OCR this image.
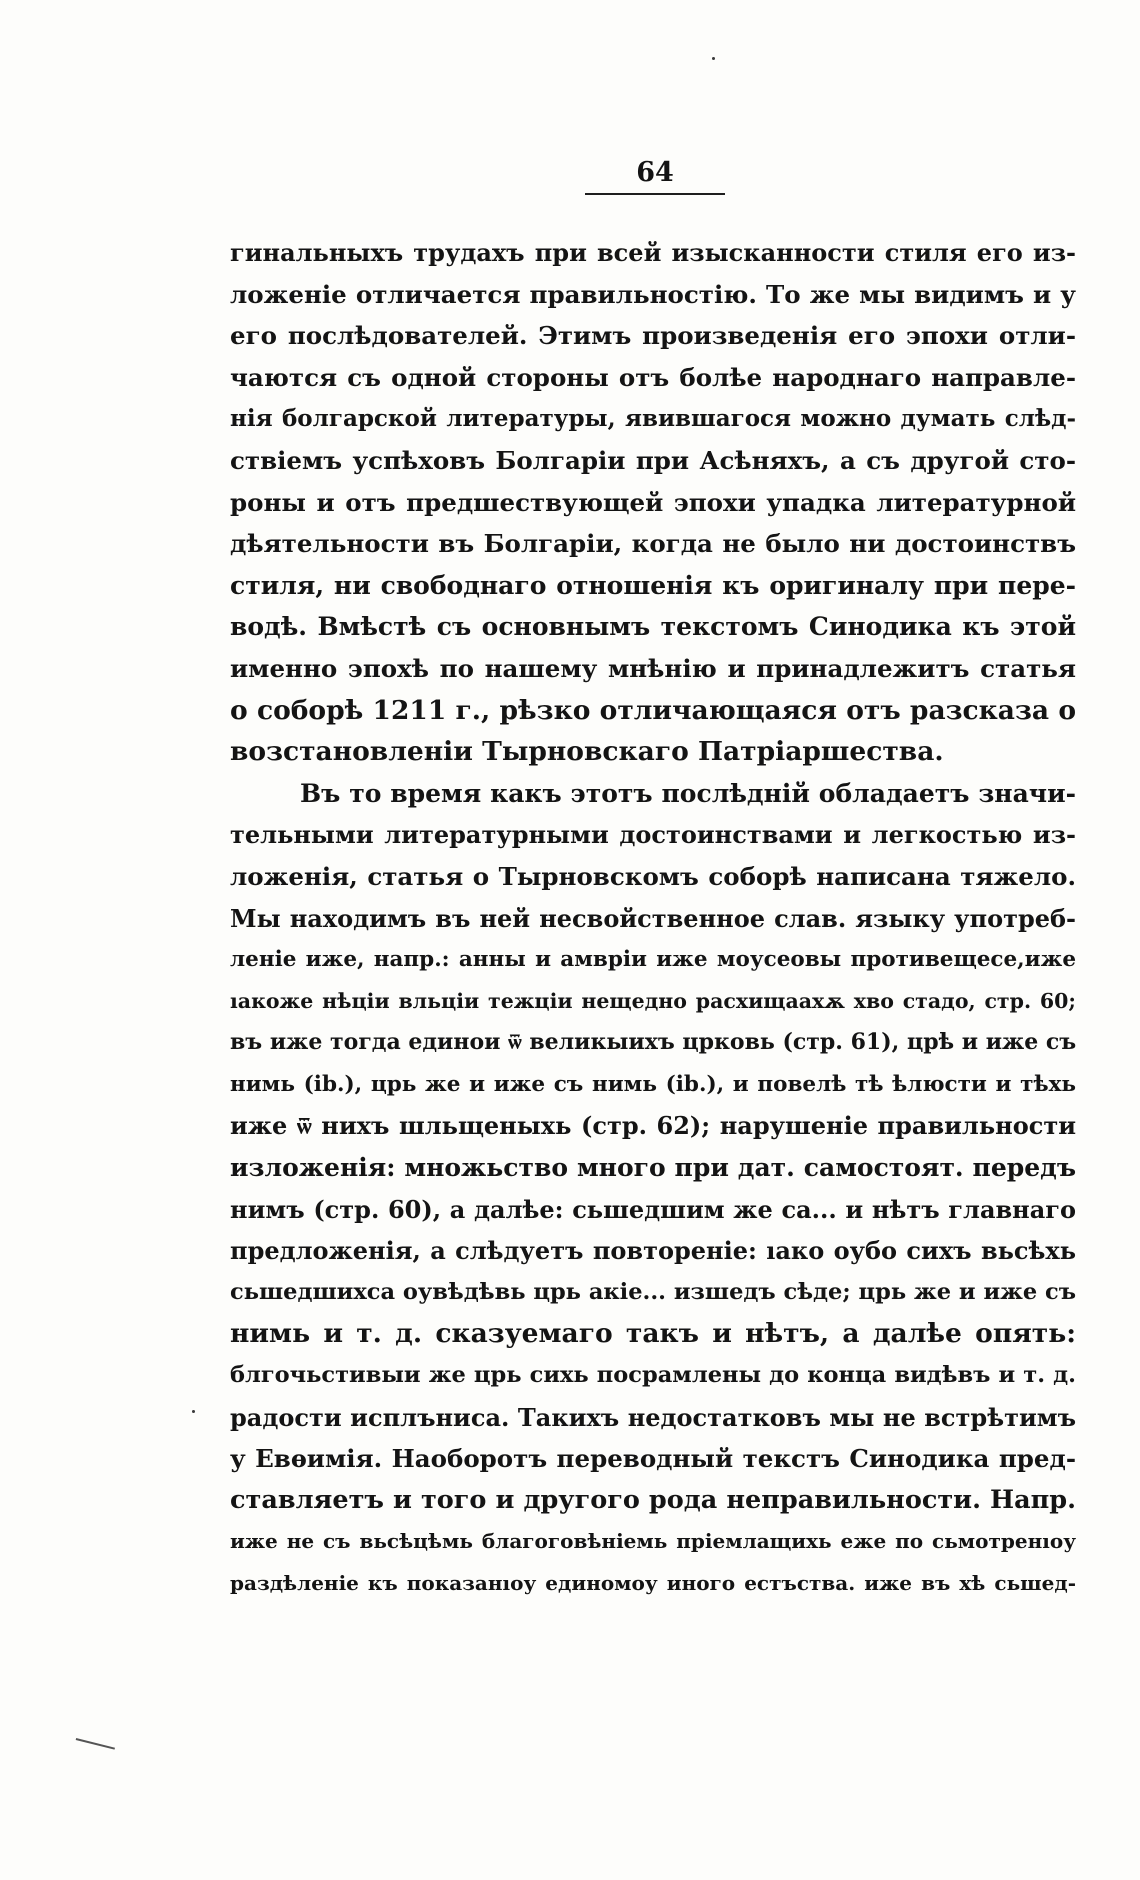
64
гинальныхъ трудахъ при всей изысканности стиля его из-
ложеніе отличается правильностію. То же мы видимъ и у
его послѣдователей. Этимъ произведенія его эпохи отли-
чаются съ одной стороны отъ болѣе народнаго направле-
нія болгарской литературы, явившагося можно думать слѣд-
ствіемъ успѣховъ Болгаріи при Асѣняхъ, а съ другой сто-
роны и отъ предшествующей эпохи упадка литературной
дѣятельности въ Болгаріи, когда не было ни достоинствъ
стиля, ни свободнаго отношенія къ оригиналу при пере-
водѣ. Вмѣстѣ съ основнымъ текстомъ Синодика къ этой
именно эпохѣ по нашему мнѣнію и принадлежитъ статья
о соборѣ 1211 г., рѣзко отличающаяся отъ разсказа о
возстановленіи Тырновскаго Патріаршества.
Въ то время какъ этотъ послѣдній обладаетъ значи-
тельными литературными достоинствами и легкостью из-
ложенія, статья о Тырновскомъ соборѣ написана тяжело.
Мы находимъ въ ней несвойственное слав. языку употреб-
леніе иже, напр.: анны и амвріи иже моусеовы противещесе,иже
ıакоже нѣціи вльціи тежціи нещедно расхищаахѫ хво стадо, стр. 60;
въ иже тогда единои ѿ великыихъ црковь (стр. 61), црѣ и иже съ
нимь (ib.), црь же и иже съ нимь (ib.), и повелѣ тѣ ѣлюсти и тѣхь
иже ѿ нихъ шльщеныхь (стр. 62); нарушеніе правильности
изложенія: множьство много при дат. самостоят. передъ
нимъ (стр. 60), а далѣе: сьшедшим же са... и нѣтъ главнаго
предложенія, а слѣдуетъ повтореніе: ıако оубо сихъ вьсѣхь
сьшедшихса оувѣдѣвь црь акіе... изшедъ сѣде; црь же и иже съ
нимь и т. д. сказуемаго такъ и нѣтъ, а далѣе опять:
блгочьстивыи же црь сихь посрамлены до конца видѣвъ и т. д.
радости исплъниса. Такихъ недостатковъ мы не встрѣтимъ
у Евѳимія. Наоборотъ переводный текстъ Синодика пред-
ставляетъ и того и другого рода неправильности. Напр.
иже не съ вьсѣцѣмь благоговѣніемь пріемлащихь еже по сьмотренıоу
раздѣленіе къ показанıоу единомоу иного естъства. иже въ хѣ сьшед-
